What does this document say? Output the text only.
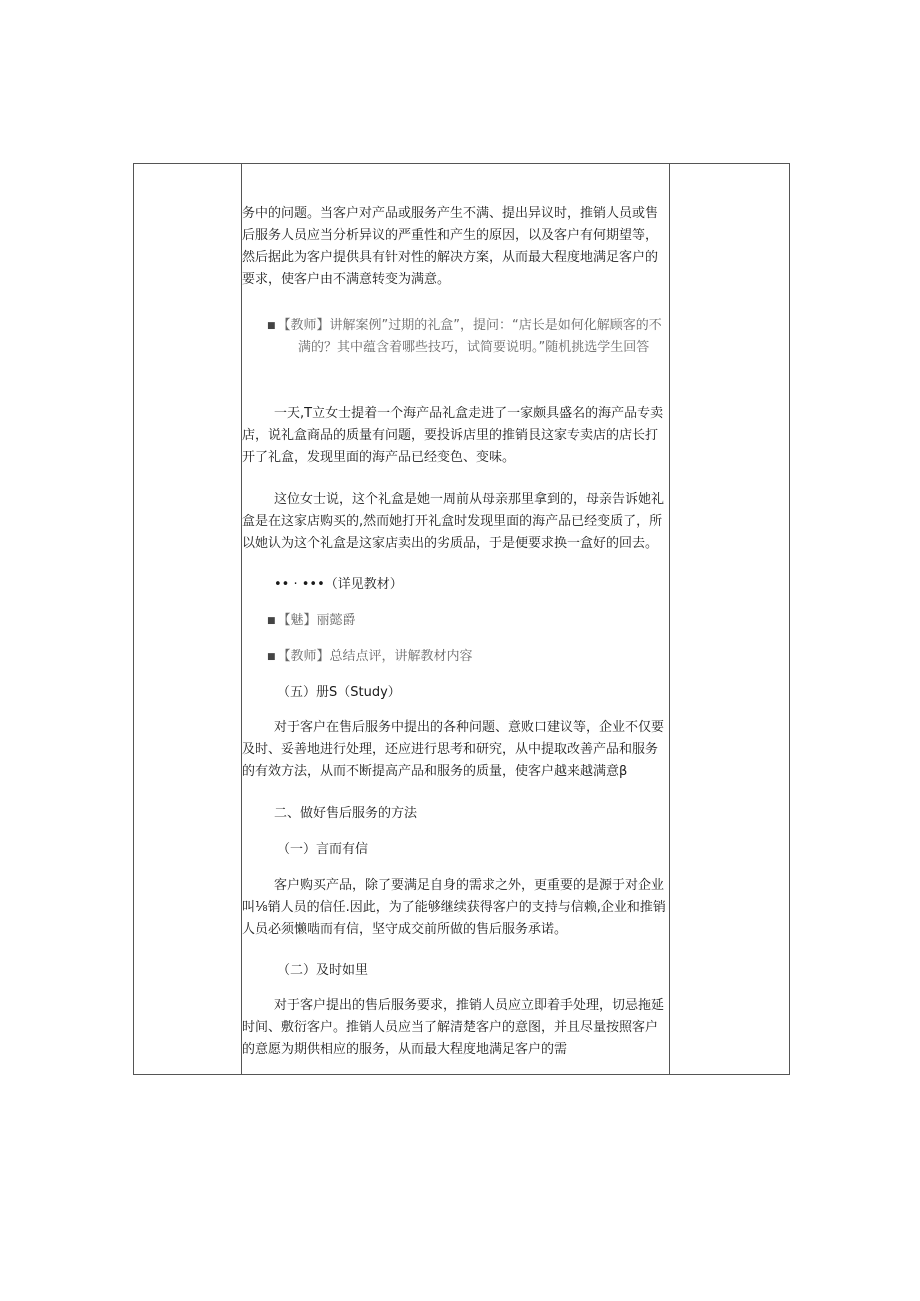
务中的问题。当客户对产品或服务产生不满、提出异议时，推销人员或售后服务人员应当分析异议的严重性和产生的原因，以及客户有何期望等，然后据此为客户提供具有针对性的解决方案，从而最大程度地满足客户的要求，使客户由不满意转变为满意。

■ 【教师】讲解案例”过期的礼盒”，提问：“店长是如何化解顾客的不满的？其中蕴含着哪些技巧，试简要说明。”随机挑选学生回答

一天,T立女士提着一个海产品礼盒走进了一家颇具盛名的海产品专卖店，说礼盒商品的质量有问题，要投诉店里的推销艮这家专卖店的店长打开了礼盒，发现里面的海产品已经变色、变味。

这位女士说，这个礼盒是她一周前从母亲那里拿到的，母亲告诉她礼盒是在这家店购买的,然而她打开礼盒时发现里面的海产品已经变质了，所以她认为这个礼盒是这家店卖出的劣质品，于是便要求换一盒好的回去。

•• · •••（详见教材）

■ 【魅】丽懿爵

■ 【教师】总结点评，讲解教材内容

（五）册S（Study）

对于客户在售后服务中提出的各种问题、意败口建议等，企业不仅要及时、妥善地进行处理，还应进行思考和研究，从中提取改善产品和服务的有效方法，从而不断提高产品和服务的质量，使客户越来越满意β

二、做好售后服务的方法

（一）言而有信

客户购买产品，除了要满足自身的需求之外，更重要的是源于对企业叫⅛销人员的信任.因此，为了能够继续获得客户的支持与信赖,企业和推销人员必须懒啮而有信，坚守成交前所做的售后服务承诺。

（二）及时如里

对于客户提出的售后服务要求，推销人员应立即着手处理，切忌拖延时间、敷衍客户。推销人员应当了解清楚客户的意图，并且尽量按照客户的意愿为期供相应的服务，从而最大程度地满足客户的需
